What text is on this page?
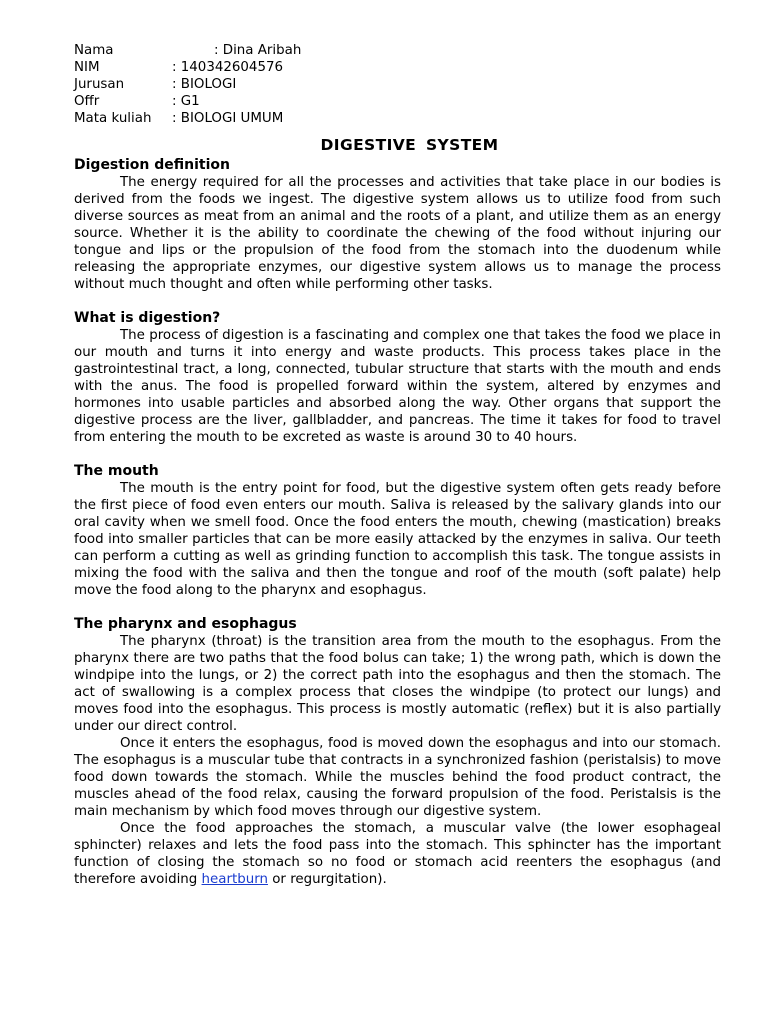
Nama	: Dina Aribah
NIM	: 140342604576
Jurusan	: BIOLOGI
Offr	: G1
Mata kuliah	: BIOLOGI UMUM
DIGESTIVE SYSTEM
Digestion definition

The energy required for all the processes and activities that take place in our bodies is derived from the foods we ingest. The digestive system allows us to utilize food from such diverse sources as meat from an animal and the roots of a plant, and utilize them as an energy source. Whether it is the ability to coordinate the chewing of the food without injuring our tongue and lips or the propulsion of the food from the stomach into the duodenum while releasing the appropriate enzymes, our digestive system allows us to manage the process without much thought and often while performing other tasks.

What is digestion?

The process of digestion is a fascinating and complex one that takes the food we place in our mouth and turns it into energy and waste products. This process takes place in the gastrointestinal tract, a long, connected, tubular structure that starts with the mouth and ends with the anus. The food is propelled forward within the system, altered by enzymes and hormones into usable particles and absorbed along the way. Other organs that support the digestive process are the liver, gallbladder, and pancreas. The time it takes for food to travel from entering the mouth to be excreted as waste is around 30 to 40 hours.

The mouth

The mouth is the entry point for food, but the digestive system often gets ready before the first piece of food even enters our mouth. Saliva is released by the salivary glands into our oral cavity when we smell food. Once the food enters the mouth, chewing (mastication) breaks food into smaller particles that can be more easily attacked by the enzymes in saliva. Our teeth can perform a cutting as well as grinding function to accomplish this task. The tongue assists in mixing the food with the saliva and then the tongue and roof of the mouth (soft palate) help move the food along to the pharynx and esophagus.

The pharynx and esophagus

The pharynx (throat) is the transition area from the mouth to the esophagus. From the pharynx there are two paths that the food bolus can take; 1) the wrong path, which is down the windpipe into the lungs, or 2) the correct path into the esophagus and then the stomach. The act of swallowing is a complex process that closes the windpipe (to protect our lungs) and moves food into the esophagus. This process is mostly automatic (reflex) but it is also partially under our direct control.

Once it enters the esophagus, food is moved down the esophagus and into our stomach. The esophagus is a muscular tube that contracts in a synchronized fashion (peristalsis) to move food down towards the stomach. While the muscles behind the food product contract, the muscles ahead of the food relax, causing the forward propulsion of the food. Peristalsis is the main mechanism by which food moves through our digestive system.

Once the food approaches the stomach, a muscular valve (the lower esophageal sphincter) relaxes and lets the food pass into the stomach. This sphincter has the important function of closing the stomach so no food or stomach acid reenters the esophagus (and therefore avoiding heartburn or regurgitation).
